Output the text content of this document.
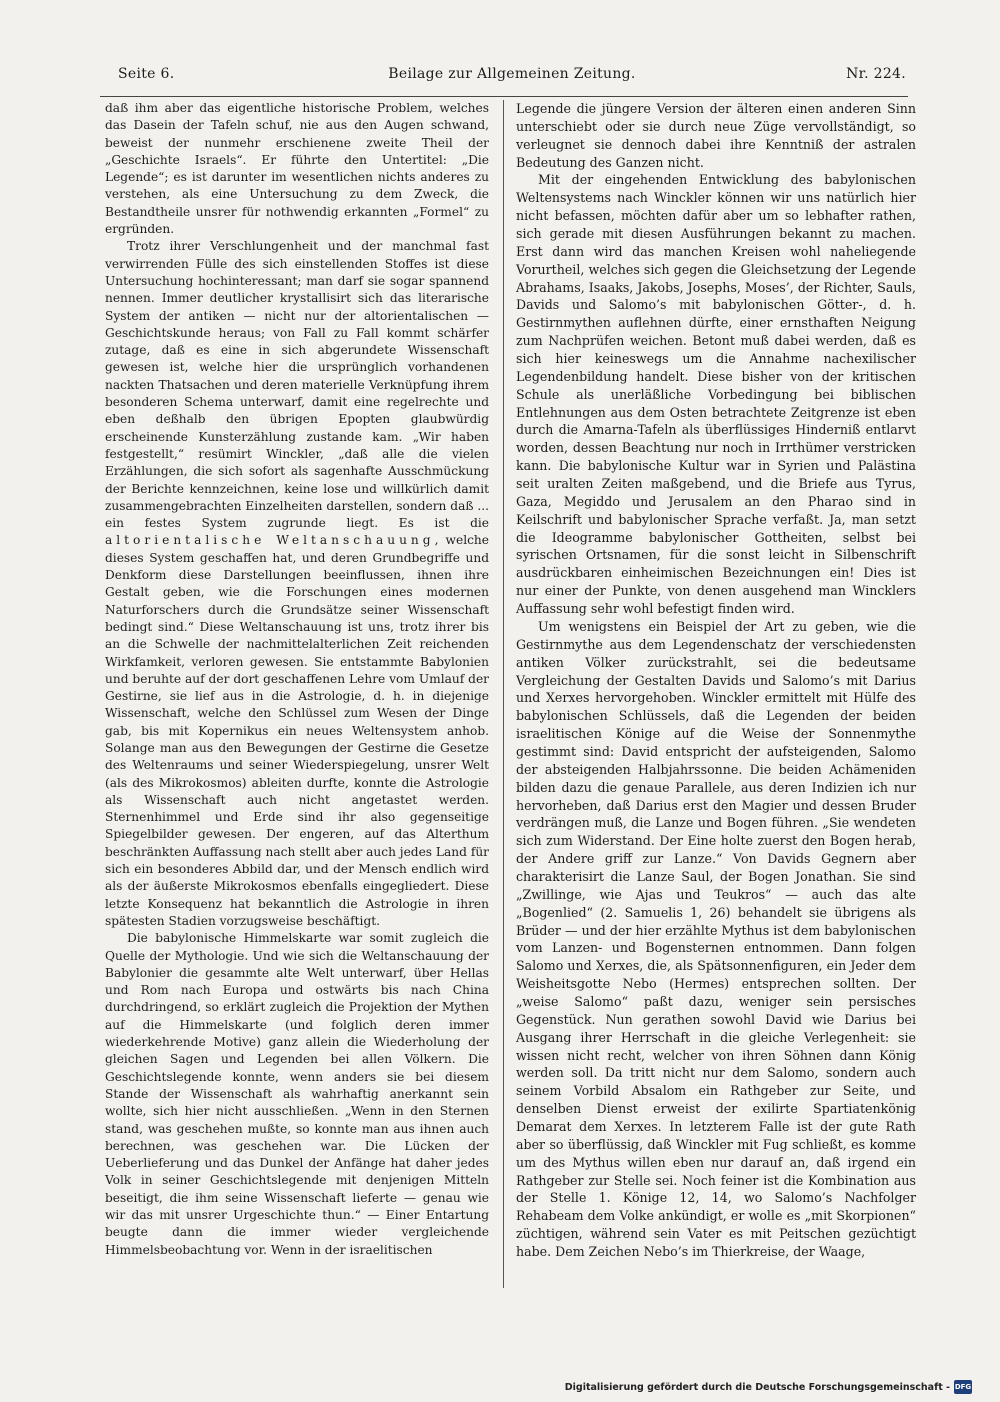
Seite 6.	Beilage zur Allgemeinen Zeitung.	Nr. 224.

daß ihm aber das eigentliche historische Problem, welches das Dasein der Tafeln schuf, nie aus den Augen schwand, beweist der nunmehr erschienene zweite Theil der „Geschichte Israels“. Er führte den Untertitel: „Die Legende“; es ist darunter im wesentlichen nichts anderes zu verstehen, als eine Untersuchung zu dem Zweck, die Bestandtheile unsrer für nothwendig erkannten „Formel“ zu ergründen.

Trotz ihrer Verschlungenheit und der manchmal fast verwirrenden Fülle des sich einstellenden Stoffes ist diese Untersuchung hochinteressant; man darf sie sogar spannend nennen. Immer deutlicher krystallisirt sich das literarische System der antiken — nicht nur der altorientalischen — Geschichtskunde heraus; von Fall zu Fall kommt schärfer zutage, daß es eine in sich abgerundete Wissenschaft gewesen ist, welche hier die ursprünglich vorhandenen nackten Thatsachen und deren materielle Verknüpfung ihrem besonderen Schema unterwarf, damit eine regelrechte und eben deßhalb den übrigen Epopten glaubwürdig erscheinende Kunsterzählung zustande kam. „Wir haben festgestellt,“ resümirt Winckler, „daß alle die vielen Erzählungen, die sich sofort als sagenhafte Ausschmückung der Berichte kennzeichnen, keine lose und willkürlich damit zusammengebrachten Einzelheiten darstellen, sondern daß ... ein festes System zugrunde liegt. Es ist die altorientalische Weltanschauung, welche dieses System geschaffen hat, und deren Grundbegriffe und Denkform diese Darstellungen beeinflussen, ihnen ihre Gestalt geben, wie die Forschungen eines modernen Naturforschers durch die Grundsätze seiner Wissenschaft bedingt sind.“ Diese Weltanschauung ist uns, trotz ihrer bis an die Schwelle der nachmittelalterlichen Zeit reichenden Wirkfamkeit, verloren gewesen. Sie entstammte Babylonien und beruhte auf der dort geschaffenen Lehre vom Umlauf der Gestirne, sie lief aus in die Astrologie, d. h. in diejenige Wissenschaft, welche den Schlüssel zum Wesen der Dinge gab, bis mit Kopernikus ein neues Weltensystem anhob. Solange man aus den Bewegungen der Gestirne die Gesetze des Weltenraums und seiner Wiederspiegelung, unsrer Welt (als des Mikrokosmos) ableiten durfte, konnte die Astrologie als Wissenschaft auch nicht angetastet werden. Sternenhimmel und Erde sind ihr also gegenseitige Spiegelbilder gewesen. Der engeren, auf das Alterthum beschränkten Auffassung nach stellt aber auch jedes Land für sich ein besonderes Abbild dar, und der Mensch endlich wird als der äußerste Mikrokosmos ebenfalls eingegliedert. Diese letzte Konsequenz hat bekanntlich die Astrologie in ihren spätesten Stadien vorzugsweise beschäftigt.

Die babylonische Himmelskarte war somit zugleich die Quelle der Mythologie. Und wie sich die Weltanschauung der Babylonier die gesammte alte Welt unterwarf, über Hellas und Rom nach Europa und ostwärts bis nach China durchdringend, so erklärt zugleich die Projektion der Mythen auf die Himmelskarte (und folglich deren immer wiederkehrende Motive) ganz allein die Wiederholung der gleichen Sagen und Legenden bei allen Völkern. Die Geschichtslegende konnte, wenn anders sie bei diesem Stande der Wissenschaft als wahrhaftig anerkannt sein wollte, sich hier nicht ausschließen. „Wenn in den Sternen stand, was geschehen mußte, so konnte man aus ihnen auch berechnen, was geschehen war. Die Lücken der Ueberlieferung und das Dunkel der Anfänge hat daher jedes Volk in seiner Geschichtslegende mit denjenigen Mitteln beseitigt, die ihm seine Wissenschaft lieferte — genau wie wir das mit unsrer Urgeschichte thun.“ — Einer Entartung beugte dann die immer wieder vergleichende Himmelsbeobachtung vor. Wenn in der israelitischen

Legende die jüngere Version der älteren einen anderen Sinn unterschiebt oder sie durch neue Züge vervollständigt, so verleugnet sie dennoch dabei ihre Kenntniß der astralen Bedeutung des Ganzen nicht.

Mit der eingehenden Entwicklung des babylonischen Weltensystems nach Winckler können wir uns natürlich hier nicht befassen, möchten dafür aber um so lebhafter rathen, sich gerade mit diesen Ausführungen bekannt zu machen. Erst dann wird das manchen Kreisen wohl naheliegende Vorurtheil, welches sich gegen die Gleichsetzung der Legende Abrahams, Isaaks, Jakobs, Josephs, Moses’, der Richter, Sauls, Davids und Salomo’s mit babylonischen Götter-, d. h. Gestirnmythen auflehnen dürfte, einer ernsthaften Neigung zum Nachprüfen weichen. Betont muß dabei werden, daß es sich hier keineswegs um die Annahme nachexilischer Legendenbildung handelt. Diese bisher von der kritischen Schule als unerläßliche Vorbedingung bei biblischen Entlehnungen aus dem Osten betrachtete Zeitgrenze ist eben durch die Amarna-Tafeln als überflüssiges Hinderniß entlarvt worden, dessen Beachtung nur noch in Irrthümer verstricken kann. Die babylonische Kultur war in Syrien und Palästina seit uralten Zeiten maßgebend, und die Briefe aus Tyrus, Gaza, Megiddo und Jerusalem an den Pharao sind in Keilschrift und babylonischer Sprache verfaßt. Ja, man setzt die Ideogramme babylonischer Gottheiten, selbst bei syrischen Ortsnamen, für die sonst leicht in Silbenschrift ausdrückbaren einheimischen Bezeichnungen ein! Dies ist nur einer der Punkte, von denen ausgehend man Wincklers Auffassung sehr wohl befestigt finden wird.

Um wenigstens ein Beispiel der Art zu geben, wie die Gestirnmythe aus dem Legendenschatz der verschiedensten antiken Völker zurückstrahlt, sei die bedeutsame Vergleichung der Gestalten Davids und Salomo’s mit Darius und Xerxes hervorgehoben. Winckler ermittelt mit Hülfe des babylonischen Schlüssels, daß die Legenden der beiden israelitischen Könige auf die Weise der Sonnenmythe gestimmt sind: David entspricht der aufsteigenden, Salomo der absteigenden Halbjahrssonne. Die beiden Achämeniden bilden dazu die genaue Parallele, aus deren Indizien ich nur hervorheben, daß Darius erst den Magier und dessen Bruder verdrängen muß, die Lanze und Bogen führen. „Sie wendeten sich zum Widerstand. Der Eine holte zuerst den Bogen herab, der Andere griff zur Lanze.“ Von Davids Gegnern aber charakterisirt die Lanze Saul, der Bogen Jonathan. Sie sind „Zwillinge, wie Ajas und Teukros“ — auch das alte „Bogenlied“ (2. Samuelis 1, 26) behandelt sie übrigens als Brüder — und der hier erzählte Mythus ist dem babylonischen vom Lanzen- und Bogensternen entnommen. Dann folgen Salomo und Xerxes, die, als Spätsonnenfiguren, ein Jeder dem Weisheitsgotte Nebo (Hermes) entsprechen sollten. Der „weise Salomo“ paßt dazu, weniger sein persisches Gegenstück. Nun gerathen sowohl David wie Darius bei Ausgang ihrer Herrschaft in die gleiche Verlegenheit: sie wissen nicht recht, welcher von ihren Söhnen dann König werden soll. Da tritt nicht nur dem Salomo, sondern auch seinem Vorbild Absalom ein Rathgeber zur Seite, und denselben Dienst erweist der exilirte Spartiatenkönig Demarat dem Xerxes. In letzterem Falle ist der gute Rath aber so überflüssig, daß Winckler mit Fug schließt, es komme um des Mythus willen eben nur darauf an, daß irgend ein Rathgeber zur Stelle sei. Noch feiner ist die Kombination aus der Stelle 1. Könige 12, 14, wo Salomo’s Nachfolger Rehabeam dem Volke ankündigt, er wolle es „mit Skorpionen“ züchtigen, während sein Vater es mit Peitschen gezüchtigt habe. Dem Zeichen Nebo’s im Thierkreise, der Waage,

Digitalisierung gefördert durch die Deutsche Forschungsgemeinschaft - DFG
